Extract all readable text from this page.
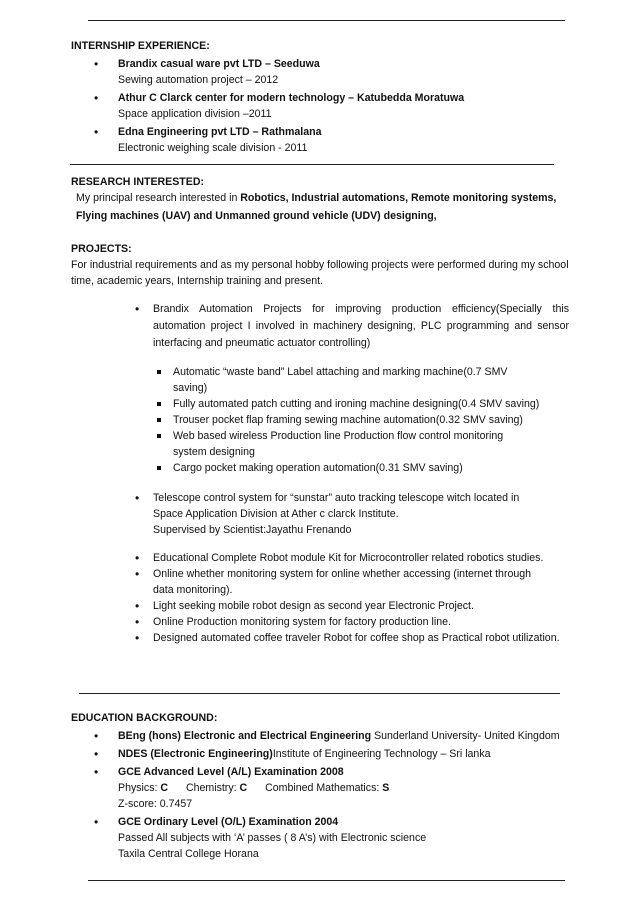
INTERNSHIP EXPERIENCE:
• Brandix casual ware pvt LTD – Seeduwa
Sewing automation project – 2012
• Athur C Clarck center for modern technology – Katubedda Moratuwa
Space application division –2011
• Edna Engineering pvt LTD – Rathmalana
Electronic weighing scale division - 2011
RESEARCH INTERESTED:
My principal research interested in Robotics, Industrial automations, Remote monitoring systems,
Flying machines (UAV) and Unmanned ground vehicle (UDV) designing,
PROJECTS:
For industrial requirements and as my personal hobby following projects were performed during my school time, academic years, Internship training and present.
• Brandix Automation Projects for improving production efficiency(Specially this automation project I involved in machinery designing, PLC programming and sensor interfacing and pneumatic actuator controlling)
Automatic “waste band” Label attaching and marking machine(0.7 SMV saving)
Fully automated patch cutting and ironing machine designing(0.4 SMV saving)
Trouser pocket flap framing sewing machine automation(0.32 SMV saving)
Web based wireless Production line Production flow control monitoring system designing
Cargo pocket making operation automation(0.31 SMV saving)
• Telescope control system for “sunstar” auto tracking telescope witch located in
Space Application Division at Ather c clarck Institute.
Supervised by Scientist:Jayathu Frenando
• Educational Complete Robot module Kit for Microcontroller related robotics studies.
• Online whether monitoring system for online whether accessing (internet through data monitoring).
• Light seeking mobile robot design as second year Electronic Project.
• Online Production monitoring system for factory production line.
• Designed automated coffee traveler Robot for coffee shop as Practical robot utilization.
EDUCATION BACKGROUND:
• BEng (hons) Electronic and Electrical Engineering Sunderland University- United Kingdom
• NDES (Electronic Engineering)Institute of Engineering Technology – Sri lanka
• GCE Advanced Level (A/L) Examination 2008
Physics: C Chemistry: C Combined Mathematics: S
Z-score: 0.7457
• GCE Ordinary Level (O/L) Examination 2004
Passed All subjects with ‘A’ passes ( 8 A’s) with Electronic science
Taxila Central College Horana
